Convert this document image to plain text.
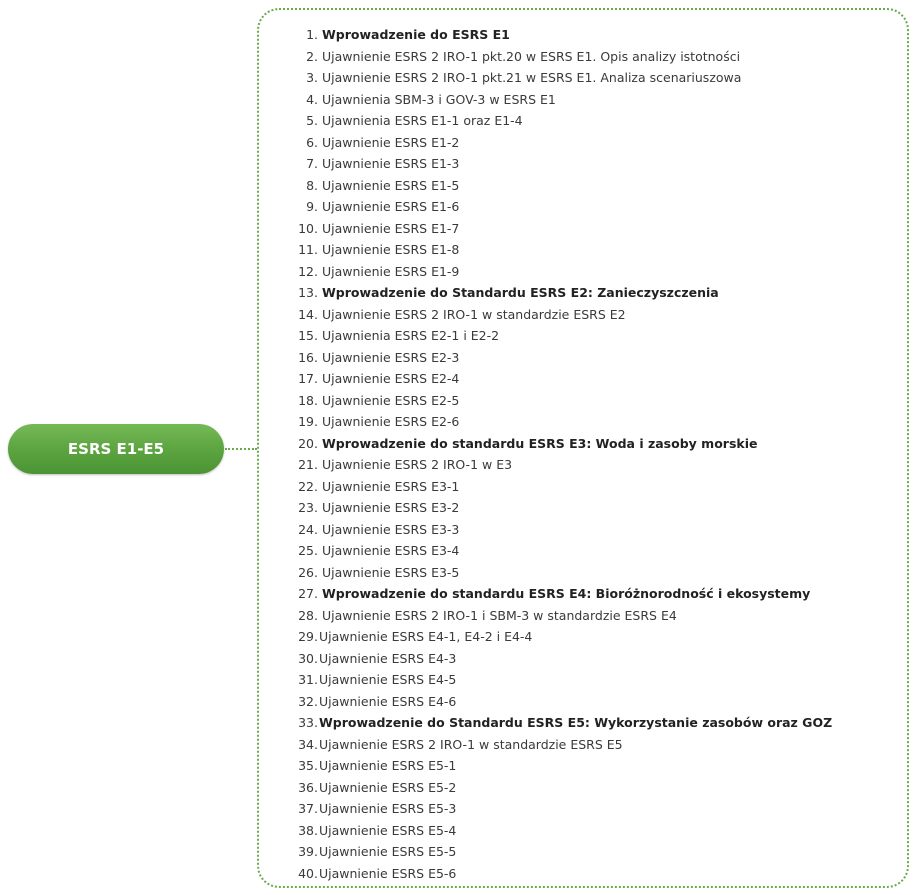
ESRS E1-E5
1. Wprowadzenie do ESRS E1
2. Ujawnienie ESRS 2 IRO-1 pkt.20 w ESRS E1. Opis analizy istotności
3. Ujawnienie ESRS 2 IRO-1 pkt.21 w ESRS E1. Analiza scenariuszowa
4. Ujawnienia SBM-3 i GOV-3 w ESRS E1
5. Ujawnienia ESRS E1-1 oraz E1-4
6. Ujawnienie ESRS E1-2
7. Ujawnienie ESRS E1-3
8. Ujawnienie ESRS E1-5
9. Ujawnienie ESRS E1-6
10. Ujawnienie ESRS E1-7
11. Ujawnienie ESRS E1-8
12. Ujawnienie ESRS E1-9
13. Wprowadzenie do Standardu ESRS E2: Zanieczyszczenia
14. Ujawnienie ESRS 2 IRO-1 w standardzie ESRS E2
15. Ujawnienia ESRS E2-1 i E2-2
16. Ujawnienie ESRS E2-3
17. Ujawnienie ESRS E2-4
18. Ujawnienie ESRS E2-5
19. Ujawnienie ESRS E2-6
20. Wprowadzenie do standardu ESRS E3: Woda i zasoby morskie
21. Ujawnienie ESRS 2 IRO-1 w E3
22. Ujawnienie ESRS E3-1
23. Ujawnienie ESRS E3-2
24. Ujawnienie ESRS E3-3
25. Ujawnienie ESRS E3-4
26. Ujawnienie ESRS E3-5
27. Wprowadzenie do standardu ESRS E4: Bioróżnorodność i ekosystemy
28. Ujawnienie ESRS 2 IRO-1 i SBM-3 w standardzie ESRS E4
29. Ujawnienie ESRS E4-1, E4-2 i E4-4
30. Ujawnienie ESRS E4-3
31. Ujawnienie ESRS E4-5
32. Ujawnienie ESRS E4-6
33. Wprowadzenie do Standardu ESRS E5: Wykorzystanie zasobów oraz GOZ
34. Ujawnienie ESRS 2 IRO-1 w standardzie ESRS E5
35. Ujawnienie ESRS E5-1
36. Ujawnienie ESRS E5-2
37. Ujawnienie ESRS E5-3
38. Ujawnienie ESRS E5-4
39. Ujawnienie ESRS E5-5
40. Ujawnienie ESRS E5-6
